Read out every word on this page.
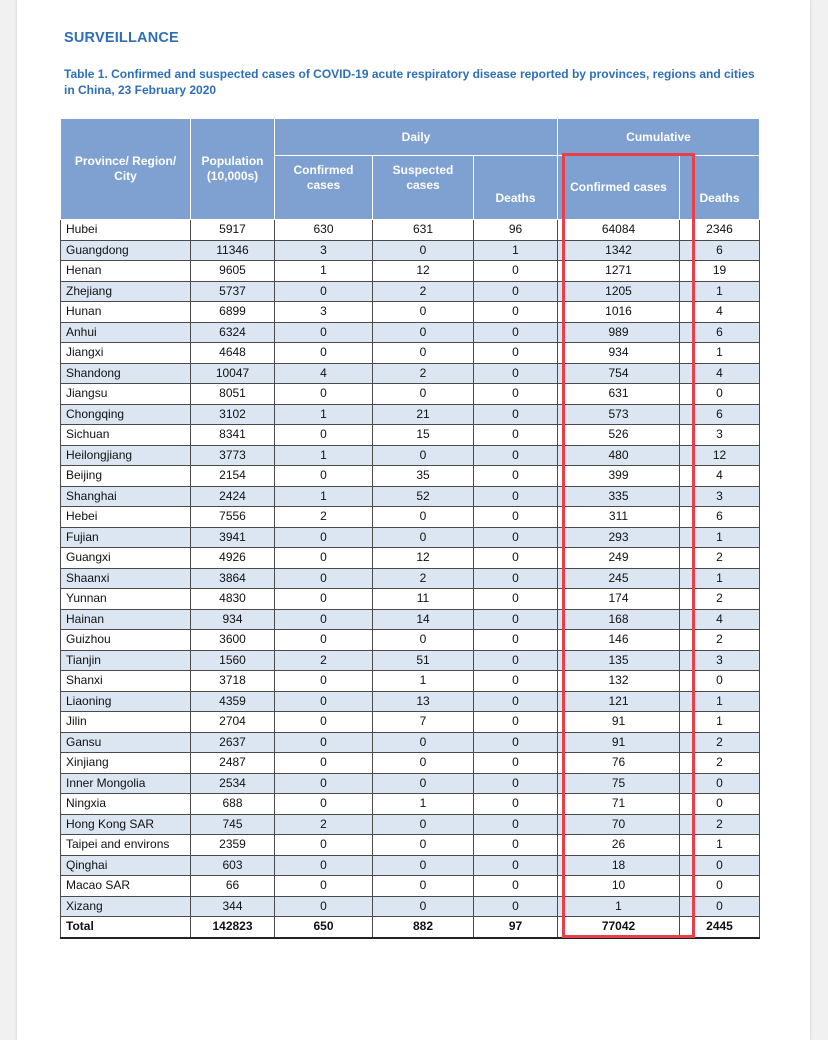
SURVEILLANCE
Table 1. Confirmed and suspected cases of COVID-19 acute respiratory disease reported by provinces, regions and cities in China, 23 February 2020
Province/ Region/ City	Population (10,000s)	Daily			Cumulative	
		Confirmed cases	Suspected cases	Deaths	Confirmed cases	Deaths
Hubei	5917	630	631	96	64084	2346
Guangdong	11346	3	0	1	1342	6
Henan	9605	1	12	0	1271	19
Zhejiang	5737	0	2	0	1205	1
Hunan	6899	3	0	0	1016	4
Anhui	6324	0	0	0	989	6
Jiangxi	4648	0	0	0	934	1
Shandong	10047	4	2	0	754	4
Jiangsu	8051	0	0	0	631	0
Chongqing	3102	1	21	0	573	6
Sichuan	8341	0	15	0	526	3
Heilongjiang	3773	1	0	0	480	12
Beijing	2154	0	35	0	399	4
Shanghai	2424	1	52	0	335	3
Hebei	7556	2	0	0	311	6
Fujian	3941	0	0	0	293	1
Guangxi	4926	0	12	0	249	2
Shaanxi	3864	0	2	0	245	1
Yunnan	4830	0	11	0	174	2
Hainan	934	0	14	0	168	4
Guizhou	3600	0	0	0	146	2
Tianjin	1560	2	51	0	135	3
Shanxi	3718	0	1	0	132	0
Liaoning	4359	0	13	0	121	1
Jilin	2704	0	7	0	91	1
Gansu	2637	0	0	0	91	2
Xinjiang	2487	0	0	0	76	2
Inner Mongolia	2534	0	0	0	75	0
Ningxia	688	0	1	0	71	0
Hong Kong SAR	745	2	0	0	70	2
Taipei and environs	2359	0	0	0	26	1
Qinghai	603	0	0	0	18	0
Macao SAR	66	0	0	0	10	0
Xizang	344	0	0	0	1	0
Total	142823	650	882	97	77042	2445
